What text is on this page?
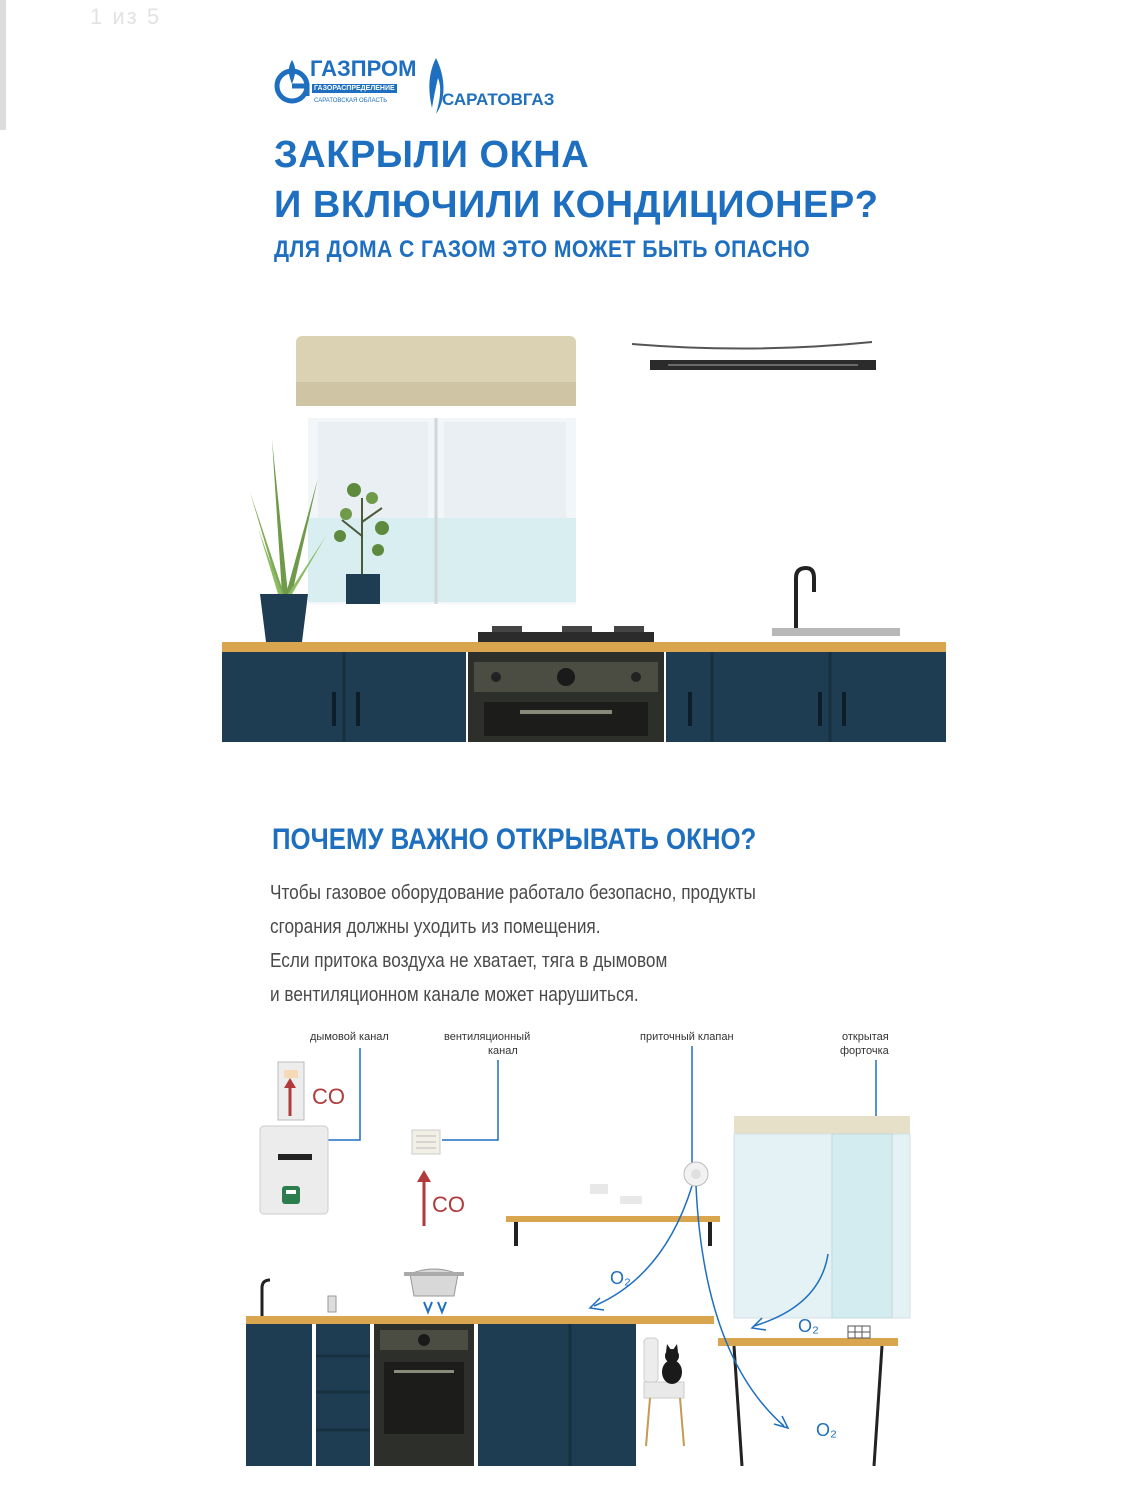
1 из 5
ГАЗПРОМ
ГАЗОРАСПРЕДЕЛЕНИЕ
САРАТОВСКАЯ ОБЛАСТЬ	САРАТОВГАЗ
ЗАКРЫЛИ ОКНА
И ВКЛЮЧИЛИ КОНДИЦИОНЕР?
ДЛЯ ДОМА С ГАЗОМ ЭТО МОЖЕТ БЫТЬ ОПАСНО
ПОЧЕМУ ВАЖНО ОТКРЫВАТЬ ОКНО?
Чтобы газовое оборудование работало безопасно, продукты
сгорания должны уходить из помещения.
Если притока воздуха не хватает, тяга в дымовом
и вентиляционном канале может нарушиться.
дымовой канал	вентиляционный
канал
приточный клапан	открытая
форточка
CO
CO
O₂
O₂
O₂
